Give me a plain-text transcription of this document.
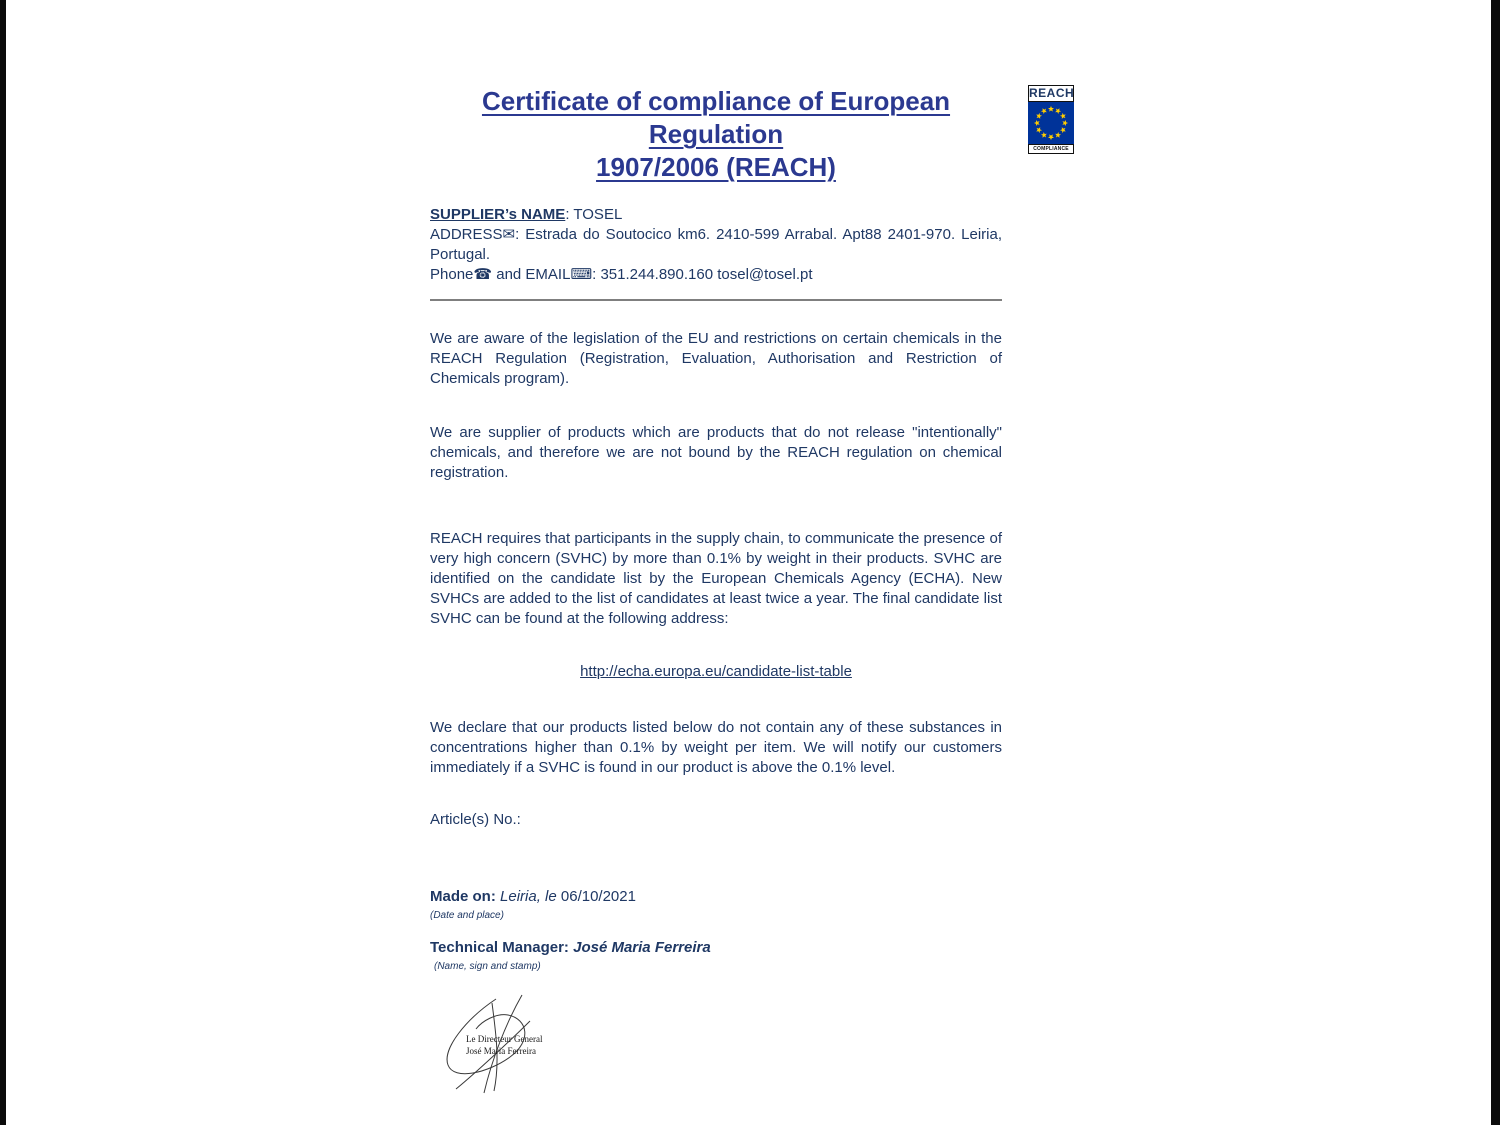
REACH
COMPLIANCE
Certificate of compliance of European Regulation
1907/2006 (REACH)
SUPPLIER’s NAME: TOSEL
ADDRESS✉: Estrada do Soutocico km6. 2410-599 Arrabal. Apt88 2401-970. Leiria, Portugal.
Phone☎ and EMAIL⌨: 351.244.890.160 tosel@tosel.pt

We are aware of the legislation of the EU and restrictions on certain chemicals in the REACH Regulation (Registration, Evaluation, Authorisation and Restriction of Chemicals program).

We are supplier of products which are products that do not release "intentionally" chemicals, and therefore we are not bound by the REACH regulation on chemical registration.

REACH requires that participants in the supply chain, to communicate the presence of very high concern (SVHC) by more than 0.1% by weight in their products. SVHC are identified on the candidate list by the European Chemicals Agency (ECHA). New SVHCs are added to the list of candidates at least twice a year. The final candidate list SVHC can be found at the following address:

http://echa.europa.eu/candidate-list-table

We declare that our products listed below do not contain any of these substances in concentrations higher than 0.1% by weight per item. We will notify our customers immediately if a SVHC is found in our product is above the 0.1% level.

Article(s) No.:
Made on: Leiria, le 06/10/2021
(Date and place)
Technical Manager: José Maria Ferreira
(Name, sign and stamp)
Le Directeur General
José Maria Ferreira
